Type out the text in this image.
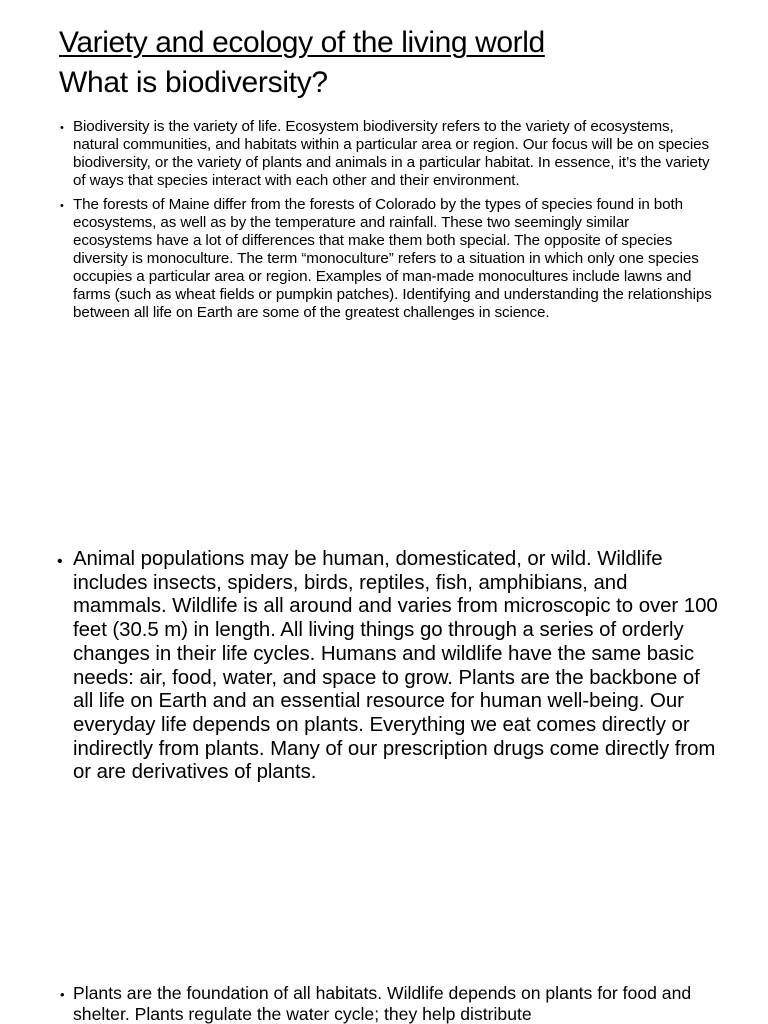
Variety and ecology of the living world
What is biodiversity?
• Biodiversity is the variety of life. Ecosystem biodiversity refers to the variety of ecosystems, natural communities, and habitats within a particular area or region. Our focus will be on species biodiversity, or the variety of plants and animals in a particular habitat. In essence, it’s the variety of ways that species interact with each other and their environment.
• The forests of Maine differ from the forests of Colorado by the types of species found in both ecosystems, as well as by the temperature and rainfall. These two seemingly similar ecosystems have a lot of differences that make them both special. The opposite of species diversity is monoculture. The term “monoculture” refers to a situation in which only one species occupies a particular area or region. Examples of man-made monocultures include lawns and farms (such as wheat fields or pumpkin patches). Identifying and understanding the relationships between all life on Earth are some of the greatest challenges in science.
• Animal populations may be human, domesticated, or wild. Wildlife includes insects, spiders, birds, reptiles, fish, amphibians, and mammals. Wildlife is all around and varies from microscopic to over 100 feet (30.5 m) in length. All living things go through a series of orderly changes in their life cycles. Humans and wildlife have the same basic needs: air, food, water, and space to grow. Plants are the backbone of all life on Earth and an essential resource for human well-being. Our everyday life depends on plants. Everything we eat comes directly or indirectly from plants. Many of our prescription drugs come directly from or are derivatives of plants.
• Plants are the foundation of all habitats. Wildlife depends on plants for food and shelter. Plants regulate the water cycle; they help distribute
